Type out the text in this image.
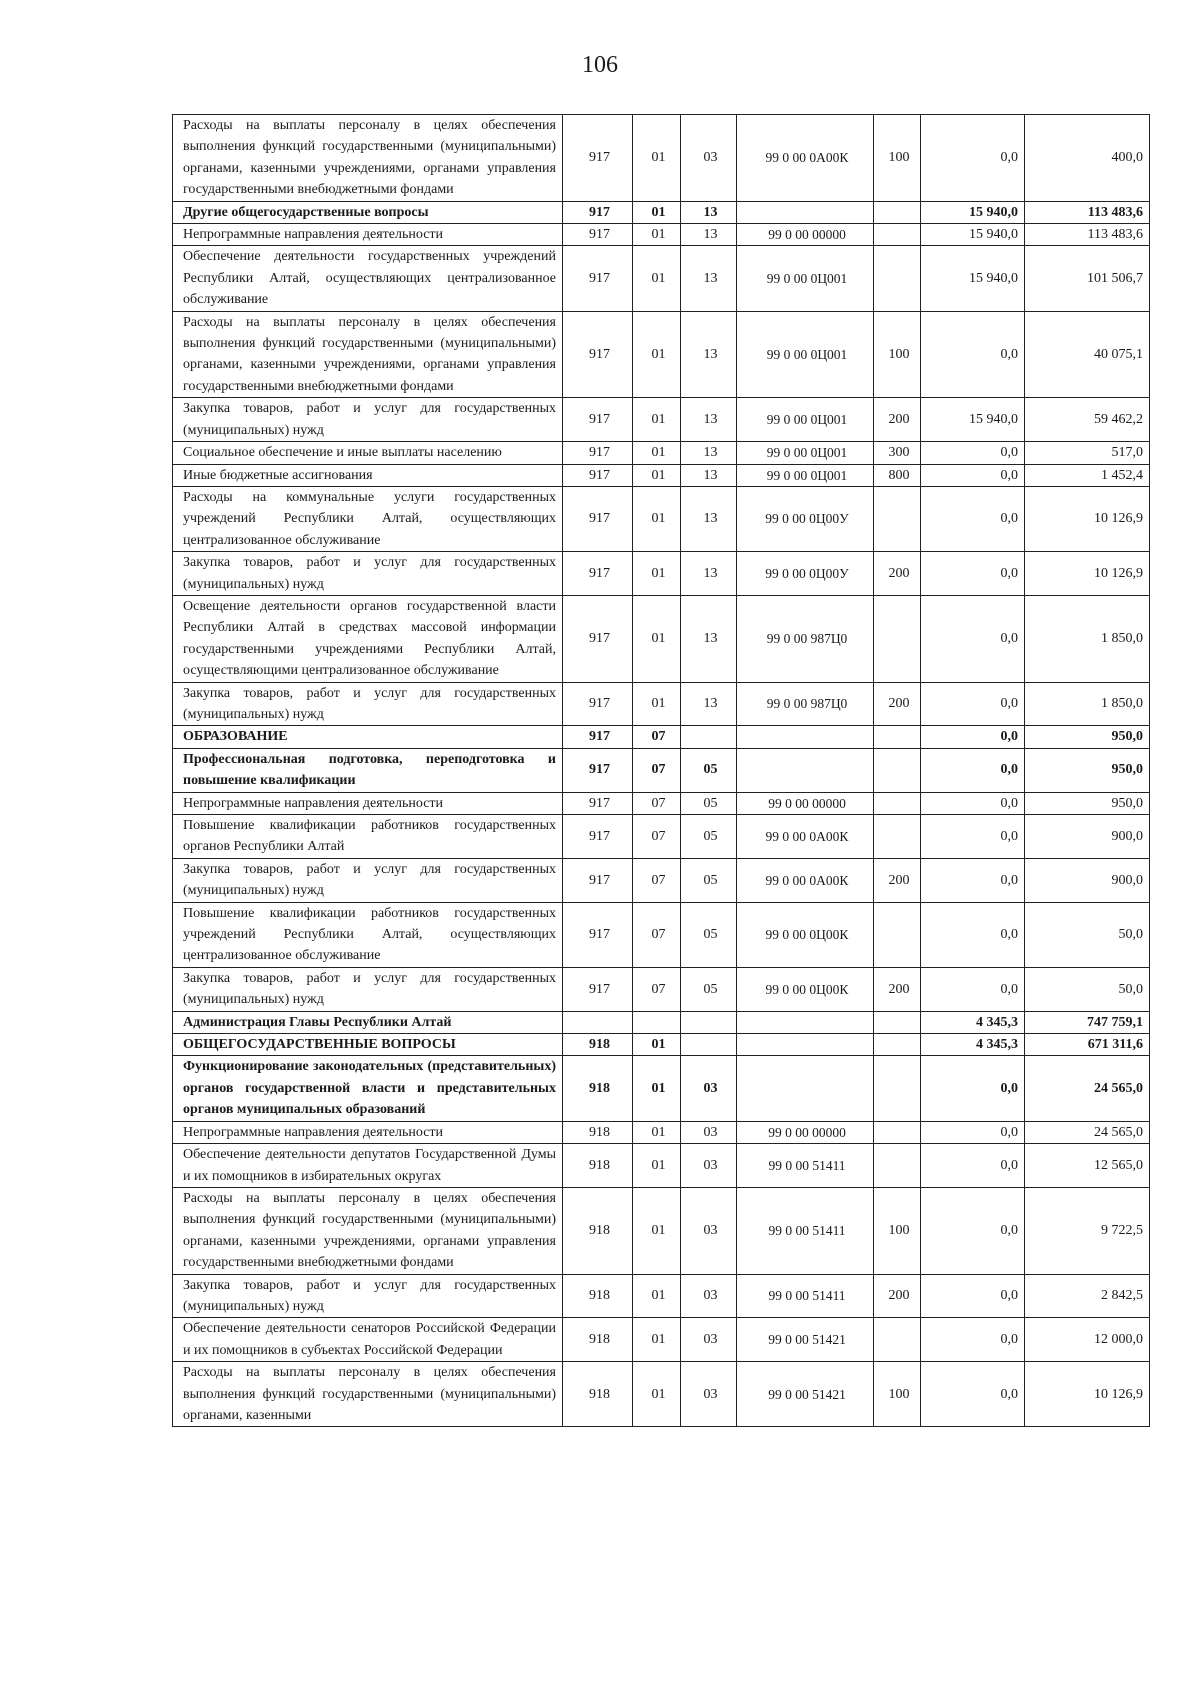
106
Расходы на выплаты персоналу в целях обеспечения выполнения функций государственными (муниципальными) органами, казенными учреждениями, органами управления государственными внебюджетными фондами	917	01	03	99 0 00 0А00К	100	0,0	400,0
Другие общегосударственные вопросы	917	01	13			15 940,0	113 483,6
Непрограммные направления деятельности	917	01	13	99 0 00 00000		15 940,0	113 483,6
Обеспечение деятельности государственных учреждений Республики Алтай, осуществляющих централизованное обслуживание	917	01	13	99 0 00 0Ц001		15 940,0	101 506,7
Расходы на выплаты персоналу в целях обеспечения выполнения функций государственными (муниципальными) органами, казенными учреждениями, органами управления государственными внебюджетными фондами	917	01	13	99 0 00 0Ц001	100	0,0	40 075,1
Закупка товаров, работ и услуг для государственных (муниципальных) нужд	917	01	13	99 0 00 0Ц001	200	15 940,0	59 462,2
Социальное обеспечение и иные выплаты населению	917	01	13	99 0 00 0Ц001	300	0,0	517,0
Иные бюджетные ассигнования	917	01	13	99 0 00 0Ц001	800	0,0	1 452,4
Расходы на коммунальные услуги государственных учреждений Республики Алтай, осуществляющих централизованное обслуживание	917	01	13	99 0 00 0Ц00У		0,0	10 126,9
Закупка товаров, работ и услуг для государственных (муниципальных) нужд	917	01	13	99 0 00 0Ц00У	200	0,0	10 126,9
Освещение деятельности органов государственной власти Республики Алтай в средствах массовой информации государственными учреждениями Республики Алтай, осуществляющими централизованное обслуживание	917	01	13	99 0 00 987Ц0		0,0	1 850,0
Закупка товаров, работ и услуг для государственных (муниципальных) нужд	917	01	13	99 0 00 987Ц0	200	0,0	1 850,0
ОБРАЗОВАНИЕ	917	07				0,0	950,0
Профессиональная подготовка, переподготовка и повышение квалификации	917	07	05			0,0	950,0
Непрограммные направления деятельности	917	07	05	99 0 00 00000		0,0	950,0
Повышение квалификации работников государственных органов Республики Алтай	917	07	05	99 0 00 0А00К		0,0	900,0
Закупка товаров, работ и услуг для государственных (муниципальных) нужд	917	07	05	99 0 00 0А00К	200	0,0	900,0
Повышение квалификации работников государственных учреждений Республики Алтай, осуществляющих централизованное обслуживание	917	07	05	99 0 00 0Ц00К		0,0	50,0
Закупка товаров, работ и услуг для государственных (муниципальных) нужд	917	07	05	99 0 00 0Ц00К	200	0,0	50,0
Администрация Главы Республики Алтай						4 345,3	747 759,1
ОБЩЕГОСУДАРСТВЕННЫЕ ВОПРОСЫ	918	01				4 345,3	671 311,6
Функционирование законодательных (представительных) органов государственной власти и представительных органов муниципальных образований	918	01	03			0,0	24 565,0
Непрограммные направления деятельности	918	01	03	99 0 00 00000		0,0	24 565,0
Обеспечение деятельности депутатов Государственной Думы и их помощников в избирательных округах	918	01	03	99 0 00 51411		0,0	12 565,0
Расходы на выплаты персоналу в целях обеспечения выполнения функций государственными (муниципальными) органами, казенными учреждениями, органами управления государственными внебюджетными фондами	918	01	03	99 0 00 51411	100	0,0	9 722,5
Закупка товаров, работ и услуг для государственных (муниципальных) нужд	918	01	03	99 0 00 51411	200	0,0	2 842,5
Обеспечение деятельности сенаторов Российской Федерации и их помощников в субъектах Российской Федерации	918	01	03	99 0 00 51421		0,0	12 000,0
Расходы на выплаты персоналу в целях обеспечения выполнения функций государственными (муниципальными) органами, казенными	918	01	03	99 0 00 51421	100	0,0	10 126,9
